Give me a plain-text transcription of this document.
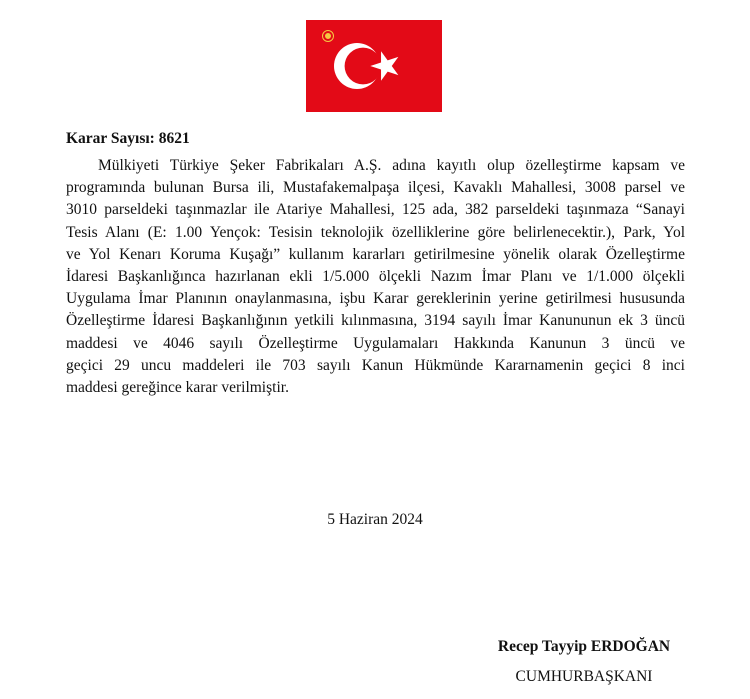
Karar Sayısı: 8621

Mülkiyeti Türkiye Şeker Fabrikaları A.Ş. adına kayıtlı olup özelleştirme kapsam ve
programında bulunan Bursa ili, Mustafakemalpaşa ilçesi, Kavaklı Mahallesi, 3008 parsel ve
3010 parseldeki taşınmazlar ile Atariye Mahallesi, 125 ada, 382 parseldeki taşınmaza “Sanayi
Tesis Alanı (E: 1.00 Yençok: Tesisin teknolojik özelliklerine göre belirlenecektir.), Park, Yol
ve Yol Kenarı Koruma Kuşağı” kullanım kararları getirilmesine yönelik olarak Özelleştirme
İdaresi Başkanlığınca hazırlanan ekli 1/5.000 ölçekli Nazım İmar Planı ve 1/1.000 ölçekli
Uygulama İmar Planının onaylanmasına, işbu Karar gereklerinin yerine getirilmesi hususunda
Özelleştirme İdaresi Başkanlığının yetkili kılınmasına, 3194 sayılı İmar Kanununun ek 3 üncü
maddesi ve 4046 sayılı Özelleştirme Uygulamaları Hakkında Kanunun 3 üncü ve
geçici 29 uncu maddeleri ile 703 sayılı Kanun Hükmünde Kararnamenin geçici 8 inci
maddesi gereğince karar verilmiştir.

5 Haziran 2024

Recep Tayyip ERDOĞAN

CUMHURBAŞKANI
